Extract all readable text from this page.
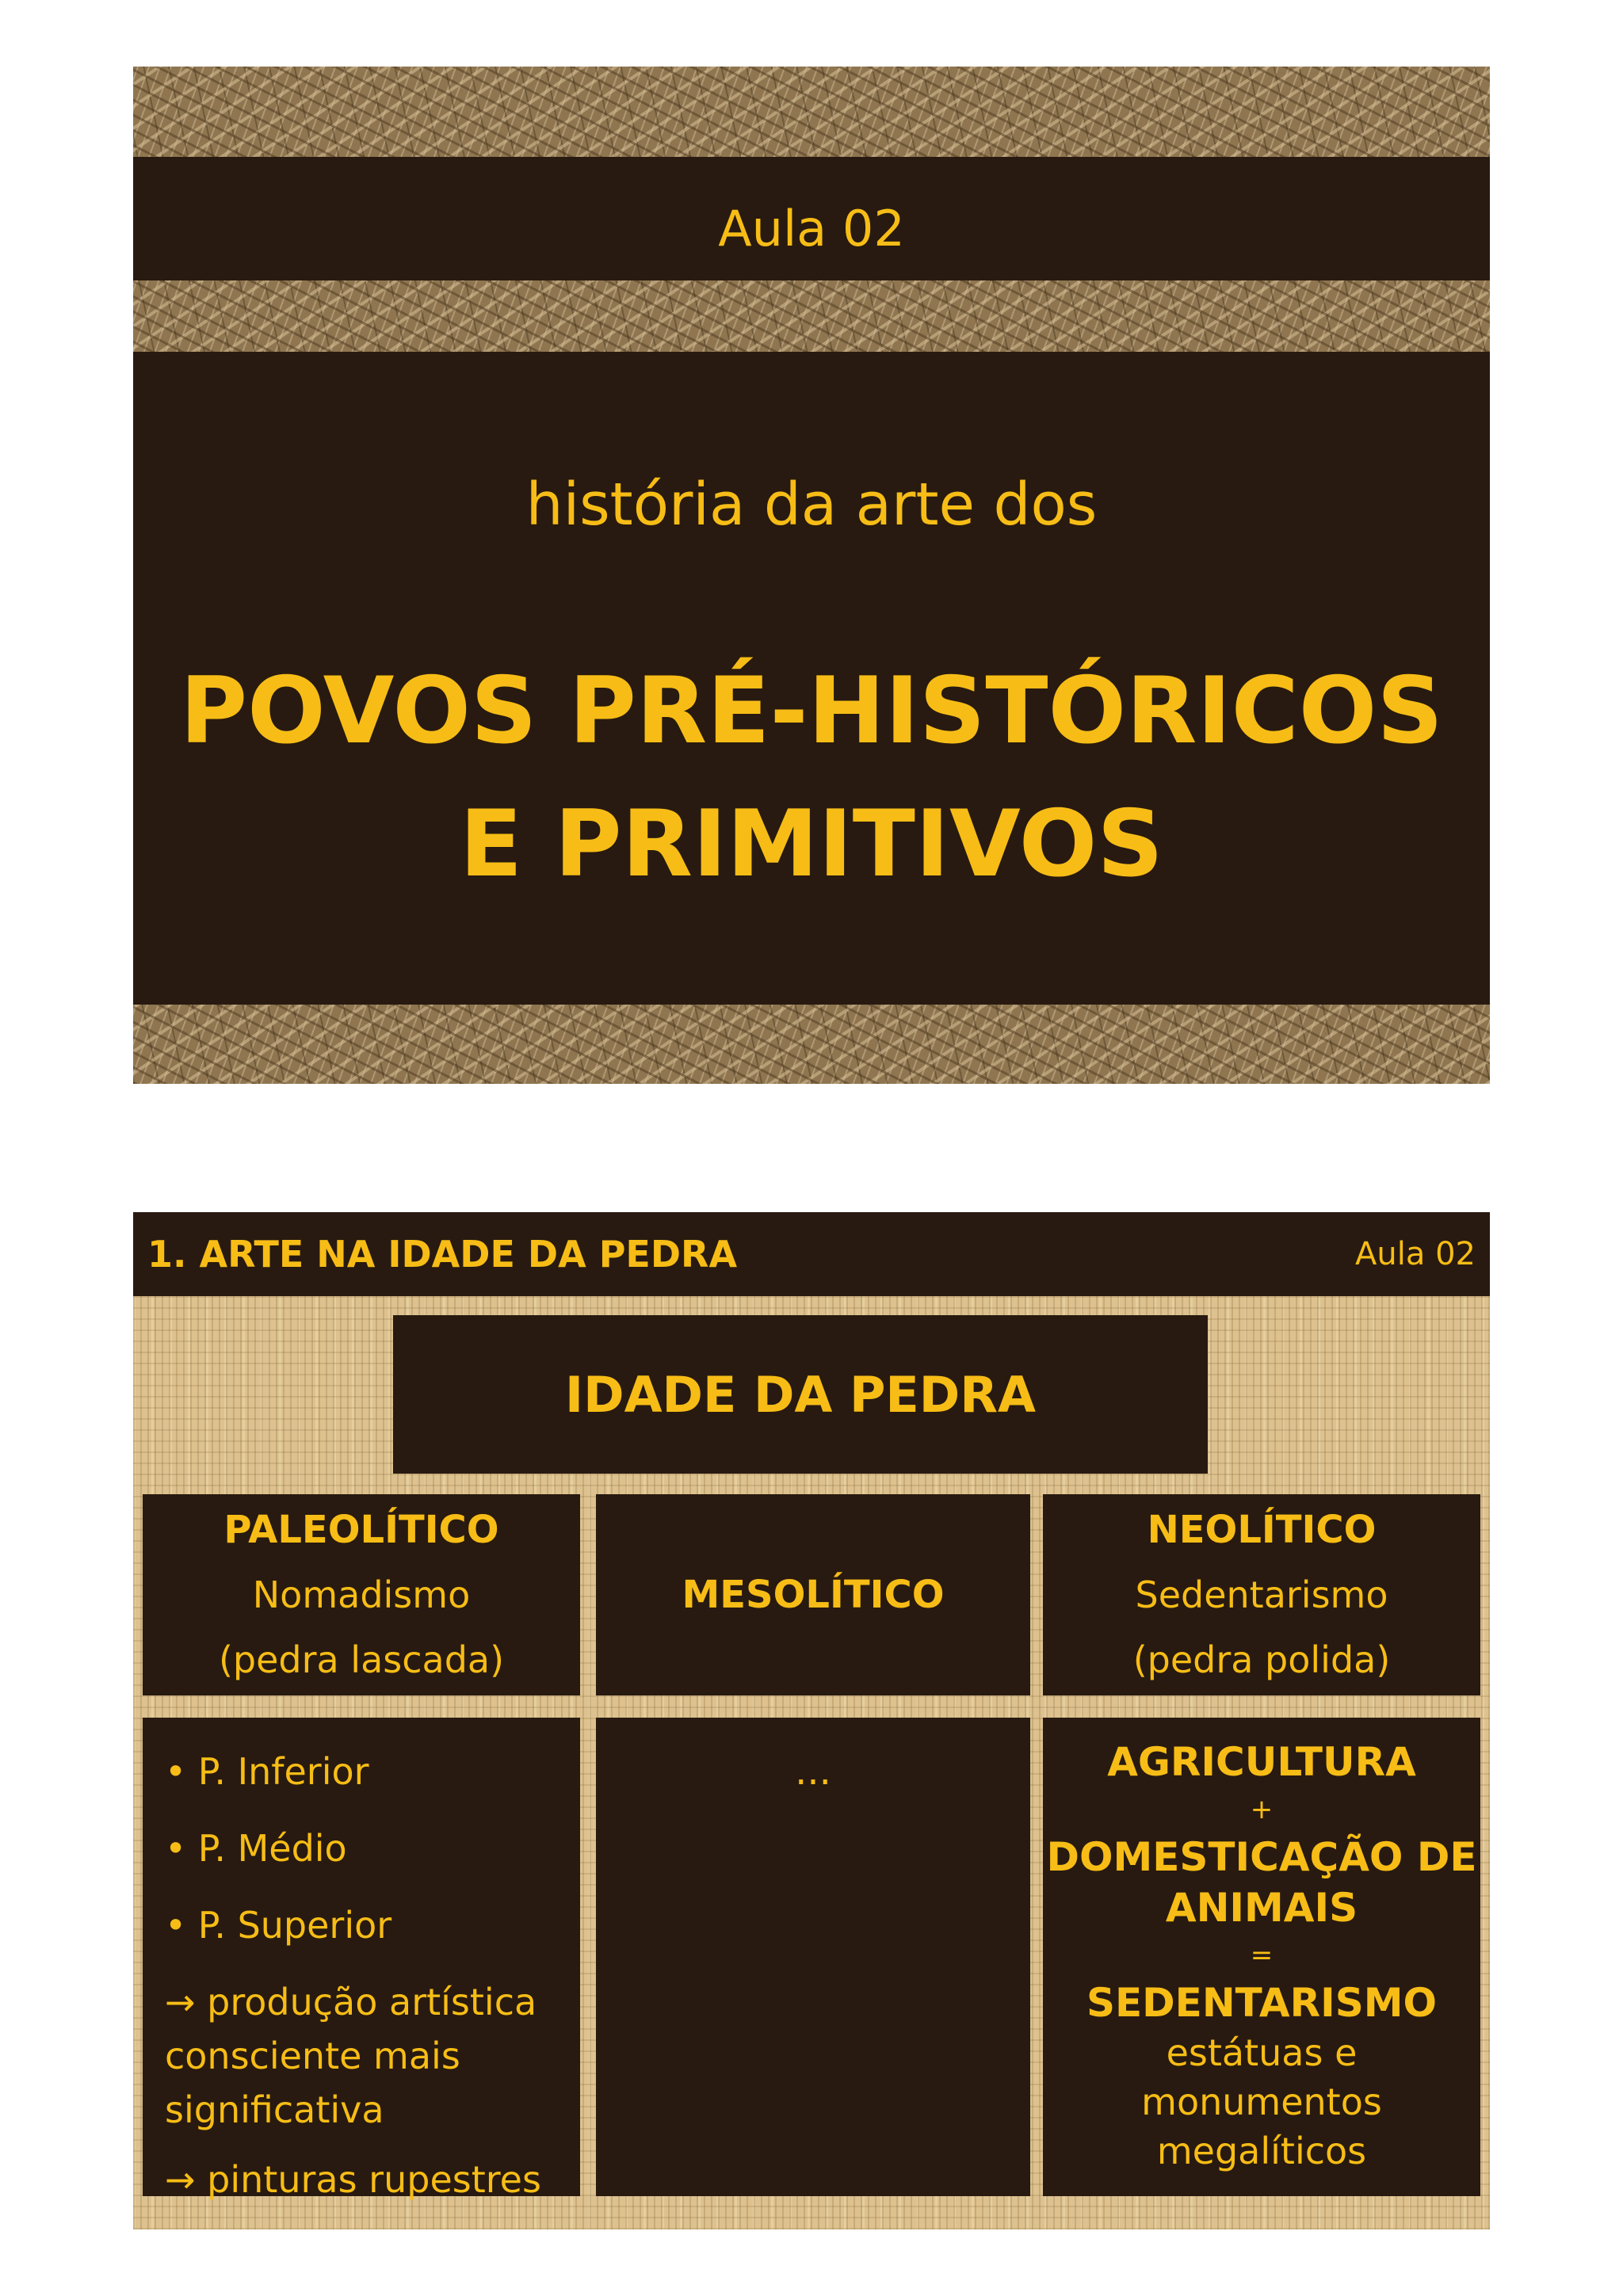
Aula 02
história da arte dos
POVOS PRÉ-HISTÓRICOS
E PRIMITIVOS
1. ARTE NA IDADE DA PEDRA	Aula 02
IDADE DA PEDRA
PALEOLÍTICO
Nomadismo
(pedra lascada)
MESOLÍTICO
NEOLÍTICO
Sedentarismo
(pedra polida)
• P. Inferior
• P. Médio
• P. Superior
→ produção artística
consciente mais
significativa
→ pinturas rupestres
...	AGRICULTURA
+
DOMESTICAÇÃO DE
ANIMAIS
=
SEDENTARISMO
estátuas e
monumentos
megalíticos
